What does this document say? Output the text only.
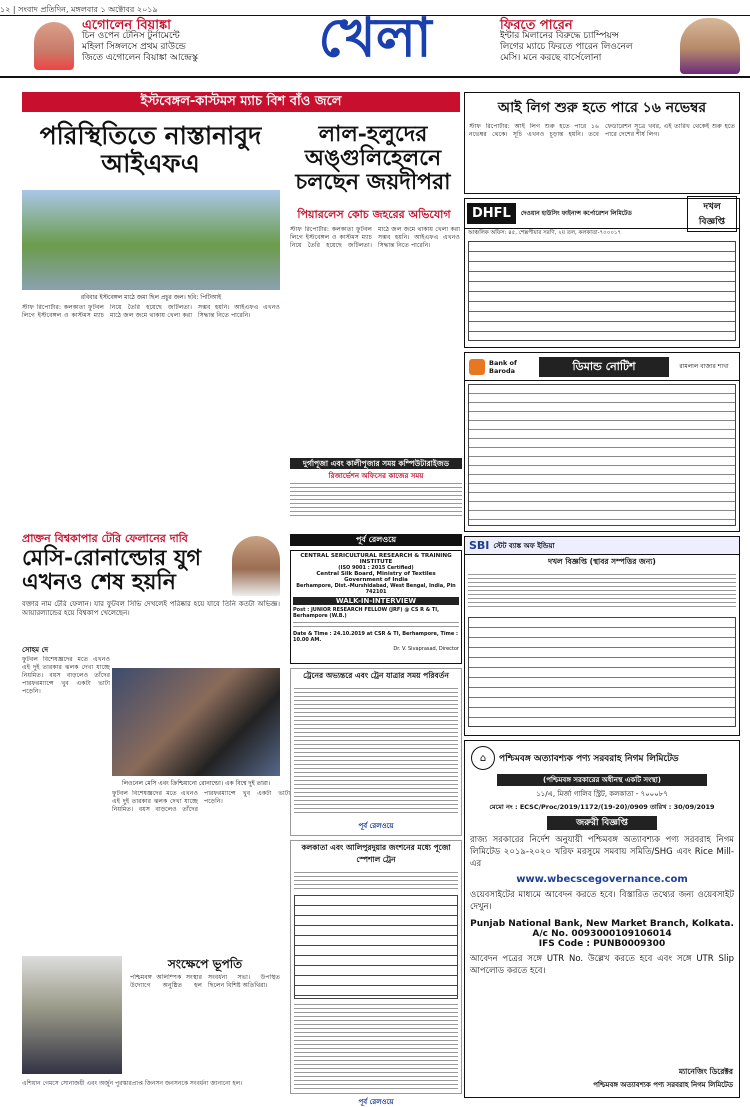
১২ | সংবাদ প্রতিদিন, মঙ্গলবার ১ অক্টোবর ২০১৯
এগোলেন বিয়াঙ্কা
চিন ওপেন টেনিস টুর্নামেন্টে
মহিলা সিঙ্গলসে প্রথম রাউন্ডে
জিতে এগোলেন বিয়াঙ্কা আন্দ্রেস্কু	খেলা	ফিরতে পারেন
ইন্টার মিলানের বিরুদ্ধে চ্যাম্পিয়ন্স
লিগের ম্যাচে ফিরতে পারেন লিওনেল
মেসি। মনে করছে বার্সেলোনা
ইস্টবেঙ্গল-কাস্টমস ম্যাচ বিশ বাঁও জলে
পরিস্থিতিতে নাস্তানাবুদ আইএফএ
লাল-হলুদের অঙ্গুলিহেলনে চলছেন জয়দীপরা
পিয়ারলেস কোচ জহরের অভিযোগ
রবিবার ইস্টবেঙ্গল মাঠে জমা ছিল প্রচুর জল। ছবি: পিটিআই
স্টাফ রিপোর্টার: কলকাতা ফুটবল লিগে ইস্টবেঙ্গল ও কাস্টমস ম্যাচ নিয়ে তৈরি হয়েছে জটিলতা। মাঠে জল জমে থাকায় খেলা করা সম্ভব হয়নি। আইএফএ এখনও সিদ্ধান্ত নিতে পারেনি।
স্টাফ রিপোর্টার: কলকাতা ফুটবল লিগে ইস্টবেঙ্গল ও কাস্টমস ম্যাচ নিয়ে তৈরি হয়েছে জটিলতা। মাঠে জল জমে থাকায় খেলা করা সম্ভব হয়নি। আইএফএ এখনও সিদ্ধান্ত নিতে পারেনি।
দুর্গাপূজা এবং কালীপূজার সময় কম্পিউটারাইজড
রিজার্ভেশন অফিসের কাজের সময়
পূর্ব রেলওয়ে
প্রাক্তন বিশ্বকাপার টেরি ফেলানের দাবি
মেসি-রোনাল্ডোর যুগ এখনও শেষ হয়নি
বক্তার নাম টেরি ফেলান। যার ফুটবল সিভি দেখলেই পরিষ্কার হয়ে যাবে তিনি কতটা অভিজ্ঞ। আয়ারল্যান্ডের হয়ে বিশ্বকাপ খেলেছেন।
সোহম দে
ফুটবল বিশেষজ্ঞদের মতে এখনও এই দুই তারকার ঝলক দেখা যাচ্ছে নিয়মিত। বয়স বাড়লেও তাঁদের পারফরম্যান্সে খুব একটা ভাটা পড়েনি।
লিওনেল মেসি এবং ক্রিশ্চিয়ানো রোনাল্ডো। এক বিশ্বে দুই তারা।
ফুটবল বিশেষজ্ঞদের মতে এখনও এই দুই তারকার ঝলক দেখা যাচ্ছে নিয়মিত। বয়স বাড়লেও তাঁদের পারফরম্যান্সে খুব একটা ভাটা পড়েনি।
সংক্ষেপে ভূপতি
পশ্চিমবঙ্গ অলিম্পিক সংস্থার উদ্যোগে অনুষ্ঠিত হল সংবর্ধনা সভা। উপস্থিত ছিলেন বিশিষ্ট অতিথিরা।
এশিয়ান গেমসে সোনাজয়ী এবং অর্জুন পুরস্কারপ্রাপ্ত জিনসন জনসনকে সংবর্ধনা জানানো হল।
CENTRAL SERICULTURAL RESEARCH & TRAINING INSTITUTE
(ISO 9001 : 2015 Certified)
Central Silk Board, Ministry of Textiles
Government of India
Berhampore, Dist.-Murshidabad, West Bengal, India, Pin 742101
WALK-IN-INTERVIEW
Post : JUNIOR RESEARCH FELLOW (JRF) @ CS R & TI, Berhampore (W.B.)
Date & Time : 24.10.2019 at CSR & TI, Berhampore, Time : 10.00 AM.
Dr. V. Sivaprasad, Director
ট্রেনের অভ্যন্তরে এবং ট্রেন যাত্রার সময় পরিবর্তন
পূর্ব রেলওয়ে
কলকাতা এবং আলিপুরদুয়ার জংশনের মধ্যে পূজো স্পেশাল ট্রেন
পূর্ব রেলওয়ে
আই লিগ শুরু হতে পারে ১৬ নভেম্বর
স্টাফ রিপোর্টার: আই লিগ শুরু হতে পারে ১৬ নভেম্বর থেকে। সূচি এখনও চূড়ান্ত হয়নি। তবে ফেডারেশন সূত্রে খবর, এই তারিখ থেকেই শুরু হতে পারে দেশের শীর্ষ লিগ।
DHFL	দেওয়ান হাউসিং ফাইনান্স কর্পোরেশন লিমিটেড
দখল বিজ্ঞপ্তি
আঞ্চলিক অফিস: ৪৫, শেক্সপীয়ার সরণি, ২য় তল, কলকাতা-৭০০০১৭
Bank of Baroda	ডিমান্ড নোটিশ	রামলাল বাজার শাখা
SBI স্টেট ব্যাঙ্ক অফ ইন্ডিয়া
দখল বিজ্ঞপ্তি (স্থাবর সম্পত্তির জন্য)
⌂	পশ্চিমবঙ্গ অত্যাবশ্যক পণ্য সরবরাহ নিগম লিমিটেড
(পশ্চিমবঙ্গ সরকারের অধীনস্থ একটি সংস্থা)
১১/এ, মির্জা গালিব স্ট্রিট, কলকাতা - ৭০০০৮৭
মেমো নং : ECSC/Proc/2019/1172/(19-20)/0909 তারিখ : 30/09/2019
জরুরী বিজ্ঞপ্তি
রাজ্য সরকারের নির্দেশ অনুযায়ী পশ্চিমবঙ্গ অত্যাবশ্যক পণ্য সরবরাহ নিগম লিমিটেড ২০১৯-২০২০ খরিফ মরসুমে সমবায় সমিতি/SHG এবং Rice Mill-এর
www.wbecscegovernance.com
ওয়েবসাইটের মাধ্যমে আবেদন করতে হবে। বিস্তারিত তথ্যের জন্য ওয়েবসাইট দেখুন।
Punjab National Bank, New Market Branch, Kolkata.
A/c No. 0093000109106014
IFS Code : PUNB0009300
আবেদন পত্রের সঙ্গে UTR No. উল্লেখ করতে হবে এবং সঙ্গে UTR Slip আপলোড করতে হবে।
ম্যানেজিং ডিরেক্টর
পশ্চিমবঙ্গ অত্যাবশ্যক পণ্য সরবরাহ নিগম লিমিটেড
